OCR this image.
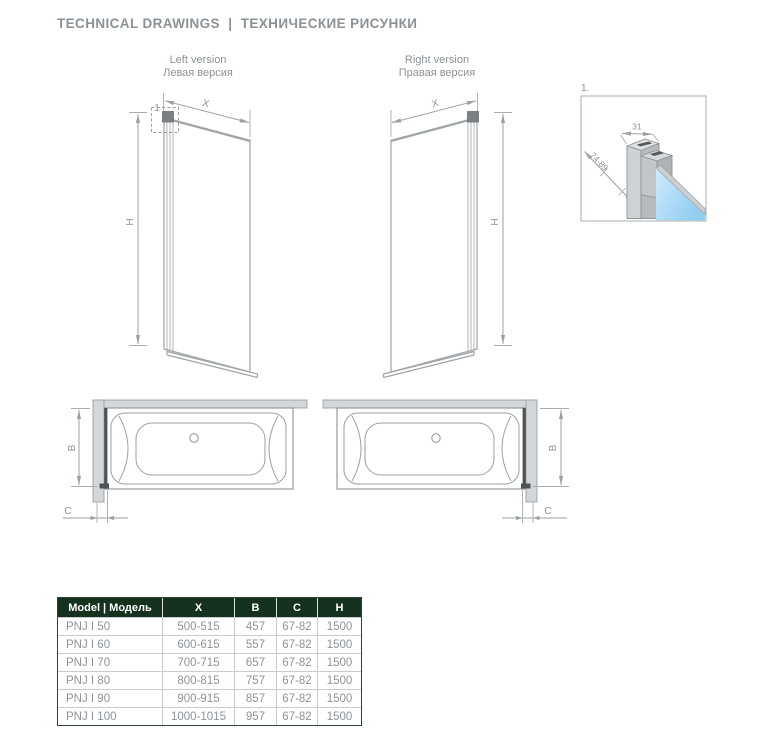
TECHNICAL DRAWINGS  |  ТЕХНИЧЕСКИЕ РИСУНКИ
Left version
Левая версия
Right version
Правая версия
X
H
1	X
H
1.
74-89
31
B
C
B
C
Model | Модель	X	B	C	H
PNJ I 50	500-515	457	67-82	1500
PNJ I 60	600-615	557	67-82	1500
PNJ I 70	700-715	657	67-82	1500
PNJ I 80	800-815	757	67-82	1500
PNJ I 90	900-915	857	67-82	1500
PNJ I 100	1000-1015	957	67-82	1500
